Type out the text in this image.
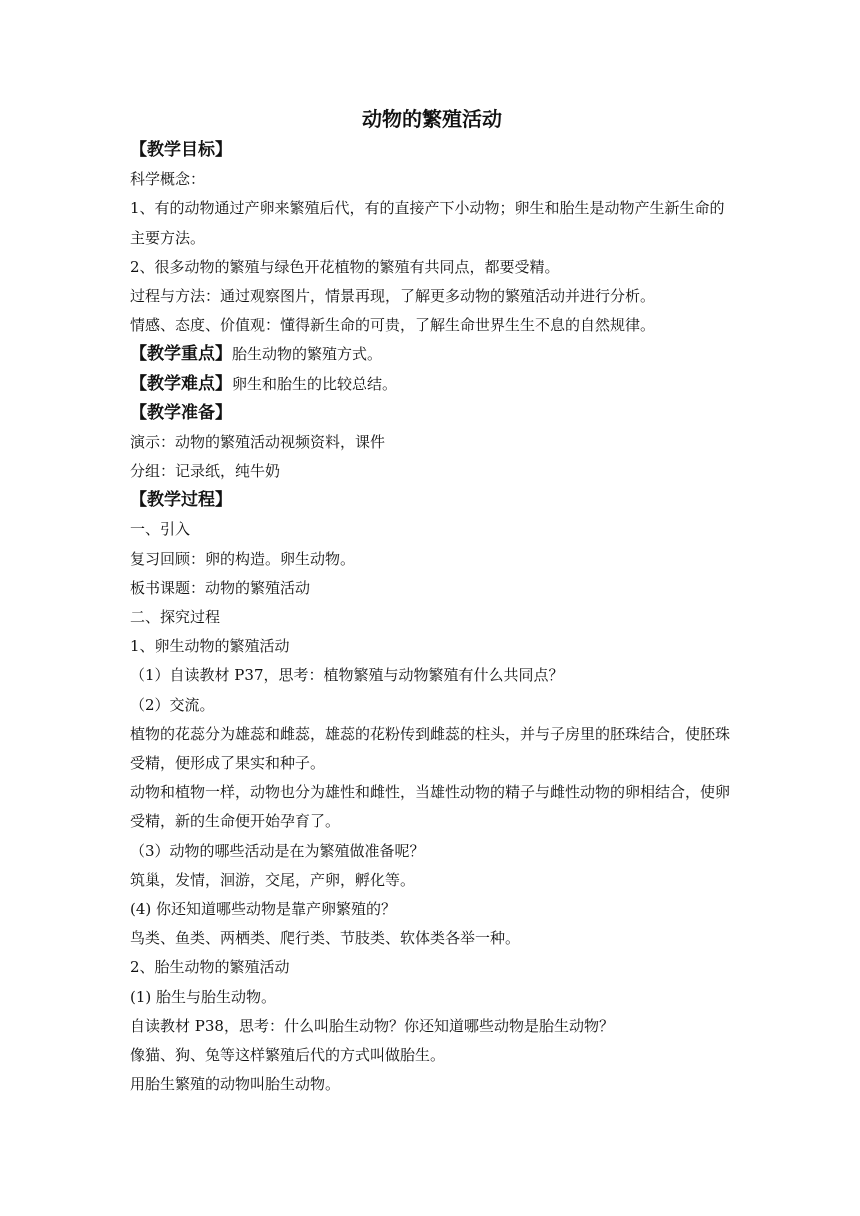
动物的繁殖活动

【教学目标】

科学概念：

1、有的动物通过产卵来繁殖后代，有的直接产下小动物；卵生和胎生是动物产生新生命的主要方法。

2、很多动物的繁殖与绿色开花植物的繁殖有共同点，都要受精。

过程与方法：通过观察图片，情景再现，了解更多动物的繁殖活动并进行分析。

情感、态度、价值观：懂得新生命的可贵，了解生命世界生生不息的自然规律。

【教学重点】胎生动物的繁殖方式。

【教学难点】卵生和胎生的比较总结。

【教学准备】

演示：动物的繁殖活动视频资料，课件

分组：记录纸，纯牛奶

【教学过程】

一、引入

复习回顾：卵的构造。卵生动物。

板书课题：动物的繁殖活动

二、探究过程

1、卵生动物的繁殖活动

（1）自读教材 P37，思考：植物繁殖与动物繁殖有什么共同点？

（2）交流。

植物的花蕊分为雄蕊和雌蕊，雄蕊的花粉传到雌蕊的柱头，并与子房里的胚珠结合，使胚珠受精，便形成了果实和种子。

动物和植物一样，动物也分为雄性和雌性，当雄性动物的精子与雌性动物的卵相结合，使卵受精，新的生命便开始孕育了。

（3）动物的哪些活动是在为繁殖做准备呢？

筑巢，发情，洄游，交尾，产卵，孵化等。

(4) 你还知道哪些动物是靠产卵繁殖的？

鸟类、鱼类、两栖类、爬行类、节肢类、软体类各举一种。

2、胎生动物的繁殖活动

(1) 胎生与胎生动物。

自读教材 P38，思考：什么叫胎生动物？你还知道哪些动物是胎生动物？

像猫、狗、兔等这样繁殖后代的方式叫做胎生。

用胎生繁殖的动物叫胎生动物。
